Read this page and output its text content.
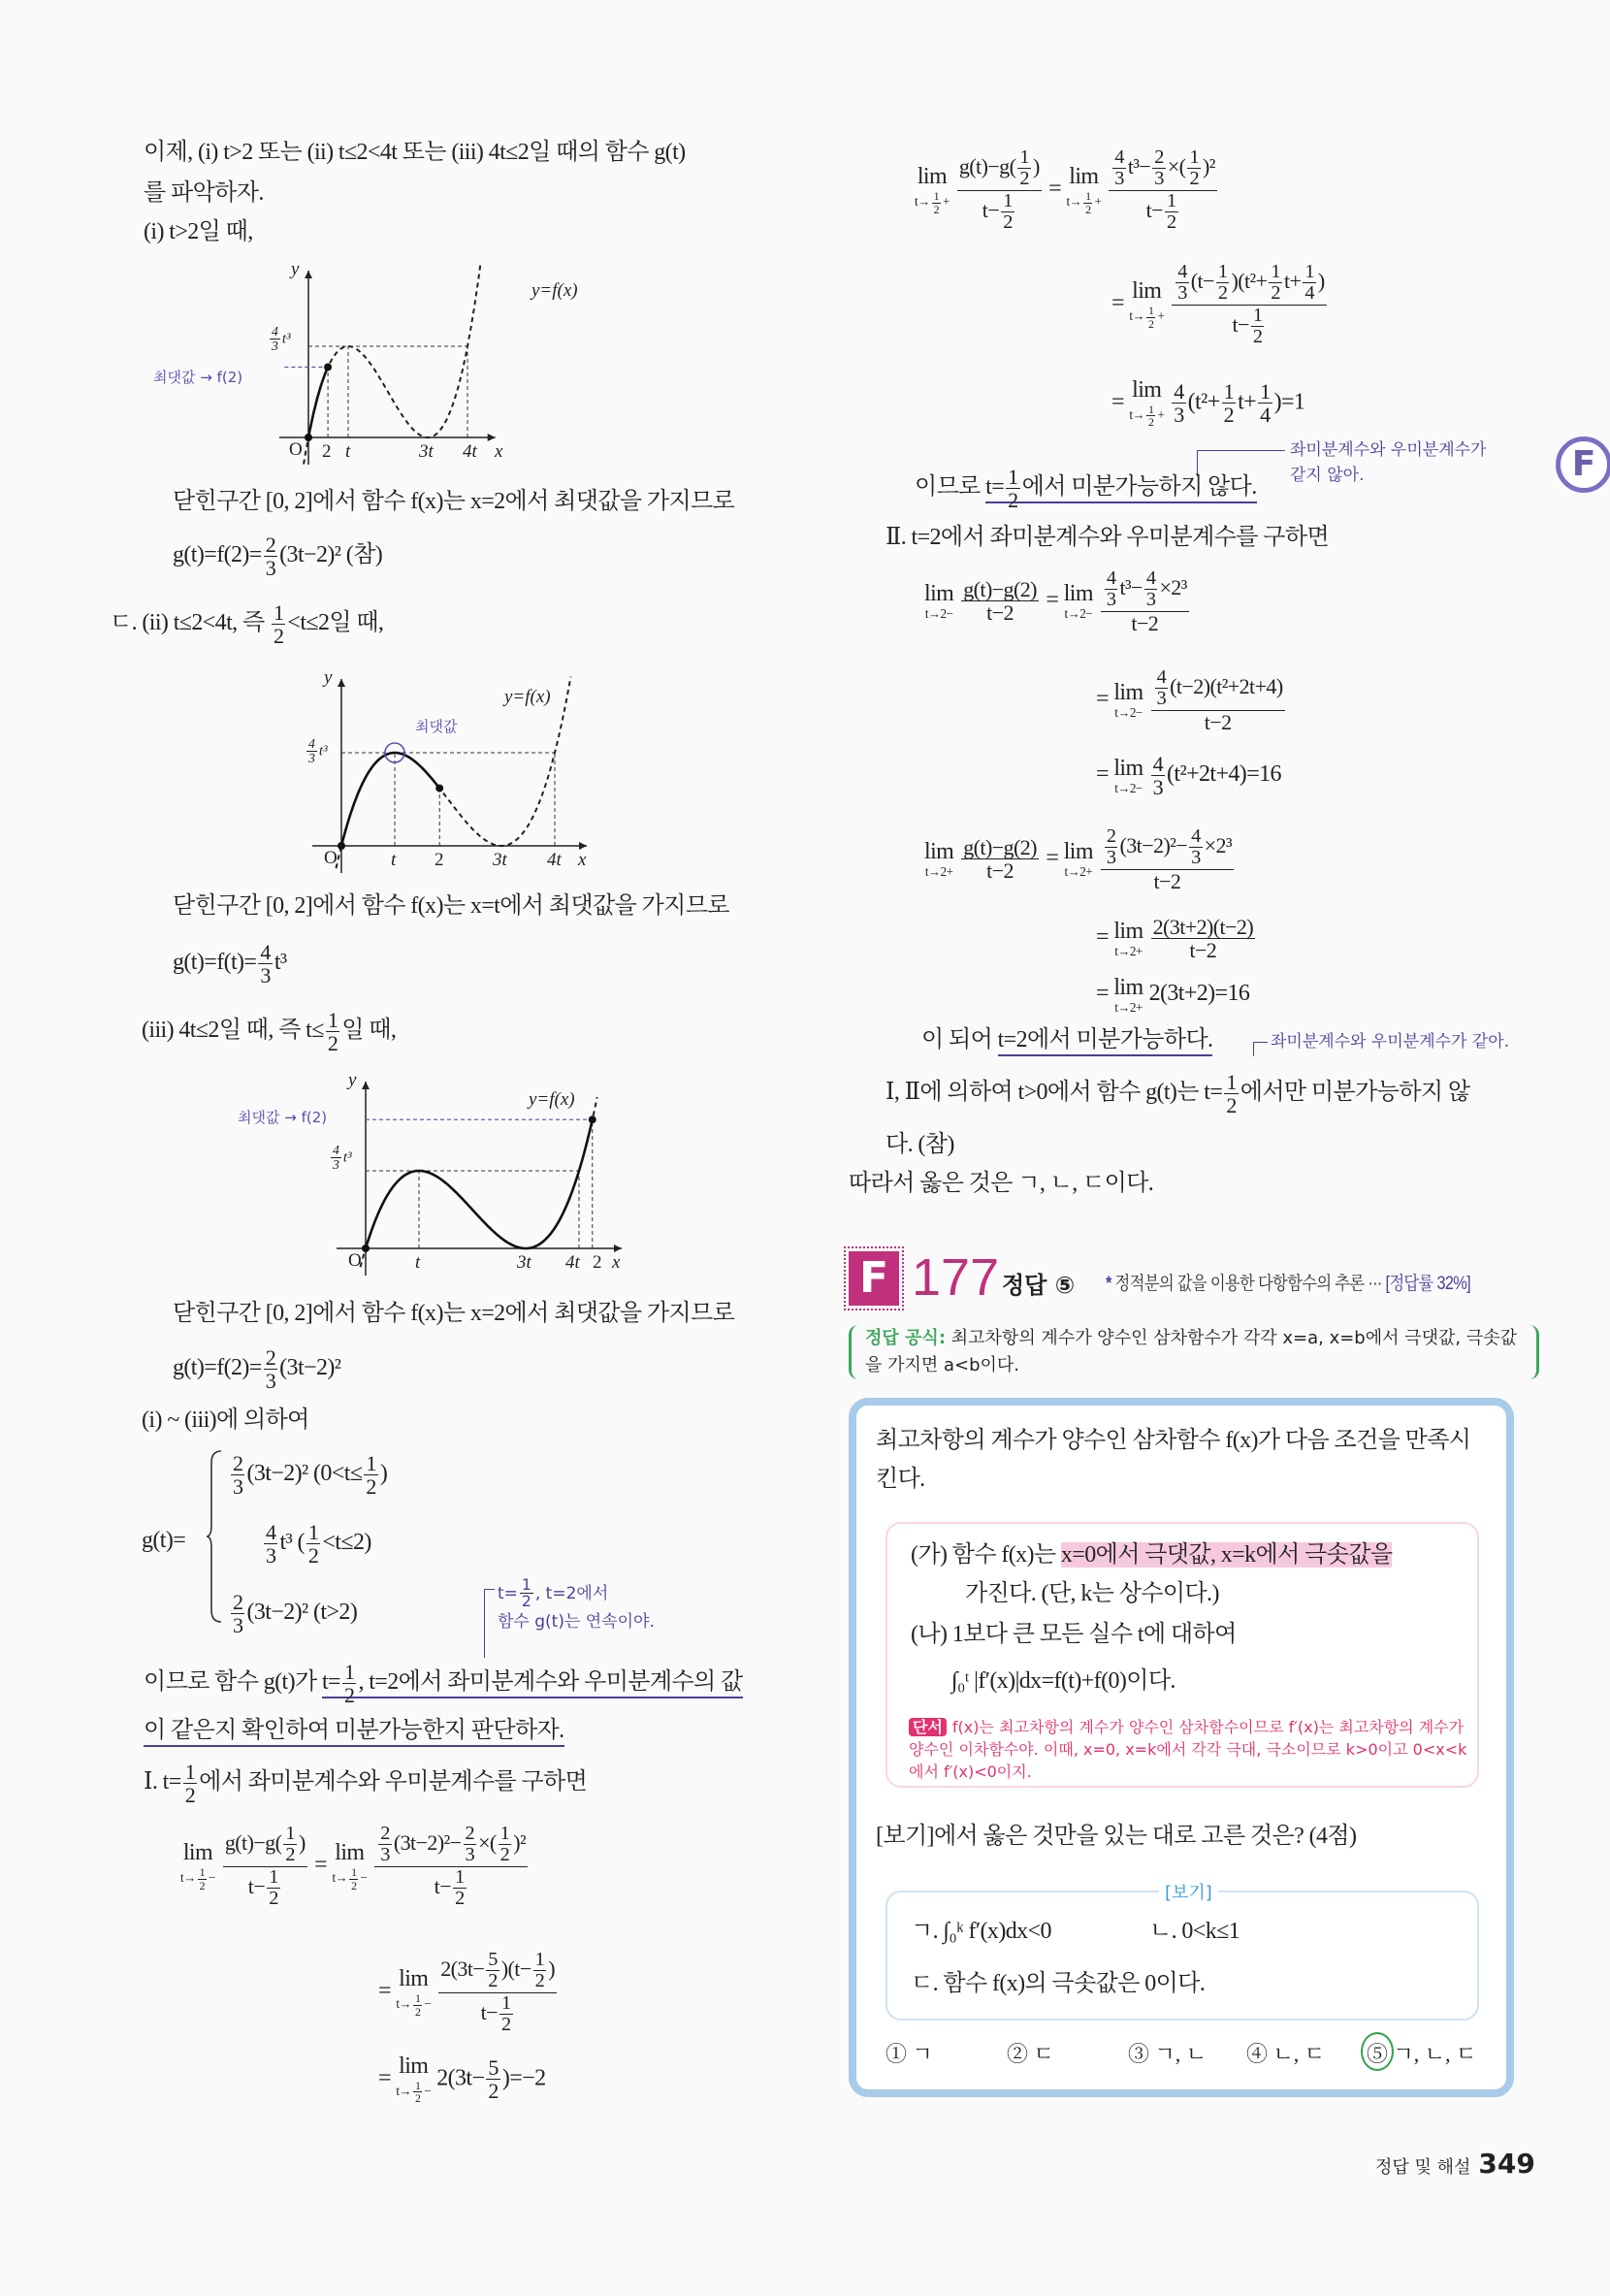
이제, (i) t>2 또는 (ii) t≤2<4t 또는 (iii) 4t≤2일 때의 함수 g(t)
를 파악하자.
(i) t>2일 때,
y
y=f(x)
$\frac{4}{3} t^3$
최댓값 → f(2)
O 2 t	3t 4t x
닫힌구간 [0, 2]에서 함수 f(x)는 x=2에서 최댓값을 가지므로
$g(t)=f(2)= \frac{2}{3} (3t-2)^2$ (참)
ㄷ. (ii) t≤2<4t, 즉 $\frac{1}{2} <t\le 2$일 때,
y
y=f(x)
$\frac{4}{3} t^3$
최댓값
O	t 2	3t 4t x
닫힌구간 [0, 2]에서 함수 f(x)는 x=t에서 최댓값을 가지므로
$g(t)=f(t)= \frac{4}{3} t^3$
(iii) 4t≤2일 때, 즉 $t\le \frac{1}{2}$ 일 때,
y
y=f(x)
$\frac{4}{3} t^3$
최댓값 → f(2)
O	t	3t 4t 2 x
닫힌구간 [0, 2]에서 함수 f(x)는 x=2에서 최댓값을 가지므로
$g(t)=f(2)= \frac{2}{3} (3t-2)^2$
(i) ~ (iii)에 의하여
g(t)=
$\frac{2}{3} (3t-2)^2$ ($0<t\le \frac{1}{2}$ )
$\frac{4}{3} t^3$ ( $\frac{1}{2} <t\le 2$)
$\frac{2}{3} (3t-2)^2$ (t>2)
$t= \frac{1}{2}$ , t=2에서
함수 g(t)는 연속이야.
이므로 함수 g(t)가 $t= \frac{1}{2}$ , t=2에서 좌미분계수와 우미분계수의 값
이 같은지 확인하여 미분가능한지 판단하자.
Ⅰ. $t= \frac{1}{2}$ 에서 좌미분계수와 우미분계수를 구하면
lim
$t\to \frac{1}{2} - \frac{g(t)-g( \frac{1}{2} )}{t- \frac{1}{2}} = \lim$
$t\to \frac{1}{2} - \frac{\frac{2}{3} (3t-2)^2- \frac{2}{3} \times( \frac{1}{2} )^2}{t- \frac{1}{2}}$
= lim
$t\to \frac{1}{2} - \frac{2(3t- \frac{5}{2} )(t- \frac{1}{2} )}{t- \frac{1}{2}}$
= lim
$t\to \frac{1}{2}$ −
$2(3t- \frac{5}{2} )=-2$
lim
$t\to \frac{1}{2} + \frac{g(t)-g( \frac{1}{2} )}{t- \frac{1}{2}} = \lim$
$t\to \frac{1}{2} + \frac{\frac{4}{3} t^3- \frac{2}{3} \times( \frac{1}{2} )^2}{t- \frac{1}{2}}$
= lim
$t\to \frac{1}{2} + \frac{\frac{4}{3} (t- \frac{1}{2} )(t^2+ \frac{1}{2} t+ \frac{1}{4} )}{t- \frac{1}{2}}$
= lim
$t\to \frac{1}{2} + \frac{4}{3} (t^2+ \frac{1}{2} t+ \frac{1}{4} )=1$
좌미분계수와 우미분계수가
같지 않아.
이므로 $t= \frac{1}{2}$ 에서 미분가능하지 않다.
Ⅱ. t=2에서 좌미분계수와 우미분계수를 구하면
lim
$t\to 2- \frac{g(t)-g(2)}{t-2} = \lim$
$t\to 2- \frac{\frac{4}{3} t^3- \frac{4}{3} \times 2^3}{t-2}$
= lim
$t\to 2- \frac{\frac{4}{3} (t-2)(t^2+2t+4)}{t-2}$
= lim
$t\to 2- \frac{4}{3} (t^2+2t+4)=16$
lim
$t\to 2+ \frac{g(t)-g(2)}{t-2} = \lim$
$t\to 2+ \frac{\frac{2}{3} (3t-2)^2- \frac{4}{3} \times 2^3}{t-2}$
= lim
$t\to 2+ \frac{2(3t+2)(t-2)}{t-2}$
= lim
t→2+
2(3t+2)=16
이 되어 t=2에서 미분가능하다.	좌미분계수와 우미분계수가 같아.
Ⅰ, Ⅱ에 의하여 t>0에서 함수 g(t)는 $t= \frac{1}{2}$ 에서만 미분가능하지 않
다. (참)
따라서 옳은 것은 ㄱ, ㄴ, ㄷ이다.
F 177 정답 ⑤ * 정적분의 값을 이용한 다항함수의 추론 ··· [정답률 32%]
정답 공식: 최고차항의 계수가 양수인 삼차함수가 각각 x=a, x=b에서 극댓값, 극솟값을 가지면 a<b이다.
최고차항의 계수가 양수인 삼차함수 f(x)가 다음 조건을 만족시
킨다.
(가) 함수 f(x)는 x=0에서 극댓값, x=k에서 극솟값을
가진다. (단, k는 상수이다.)
(나) 1보다 큰 모든 실수 t에 대하여
∫₀ᵗ |f′(x)|dx=f(t)+f(0)이다.
단서 f(x)는 최고차항의 계수가 양수인 삼차함수이므로 f′(x)는 최고차항의 계수가 양수인 이차함수야. 이때, x=0, x=k에서 각각 극대, 극소이므로 k>0이고 0<x<k에서 f′(x)<0이지.
[보기]에서 옳은 것만을 있는 대로 고른 것은? (4점)
[보기]
ㄱ. ∫₀ᵏ f′(x)dx<0	ㄴ. 0<k≤1
ㄷ. 함수 f(x)의 극솟값은 0이다.
① ㄱ	② ㄷ	③ ㄱ, ㄴ ④ ㄴ, ㄷ ⑤ ㄱ, ㄴ, ㄷ
F
정답 및 해설 349
